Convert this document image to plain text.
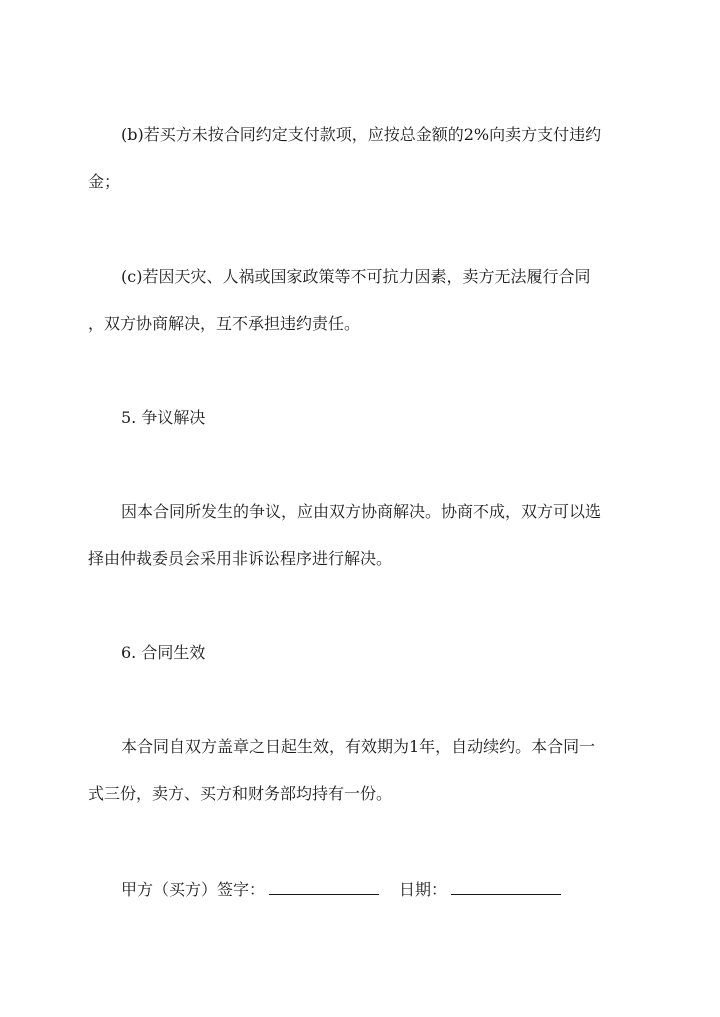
(b)若买方未按合同约定支付款项，应按总金额的2%向卖方支付违约
金；
(c)若因天灾、人祸或国家政策等不可抗力因素，卖方无法履行合同
，双方协商解决，互不承担违约责任。
5. 争议解决
因本合同所发生的争议，应由双方协商解决。协商不成，双方可以选
择由仲裁委员会采用非诉讼程序进行解决。
6. 合同生效
本合同自双方盖章之日起生效，有效期为1年，自动续约。本合同一
式三份，卖方、买方和财务部均持有一份。
甲方（买方）签字：	日期：
